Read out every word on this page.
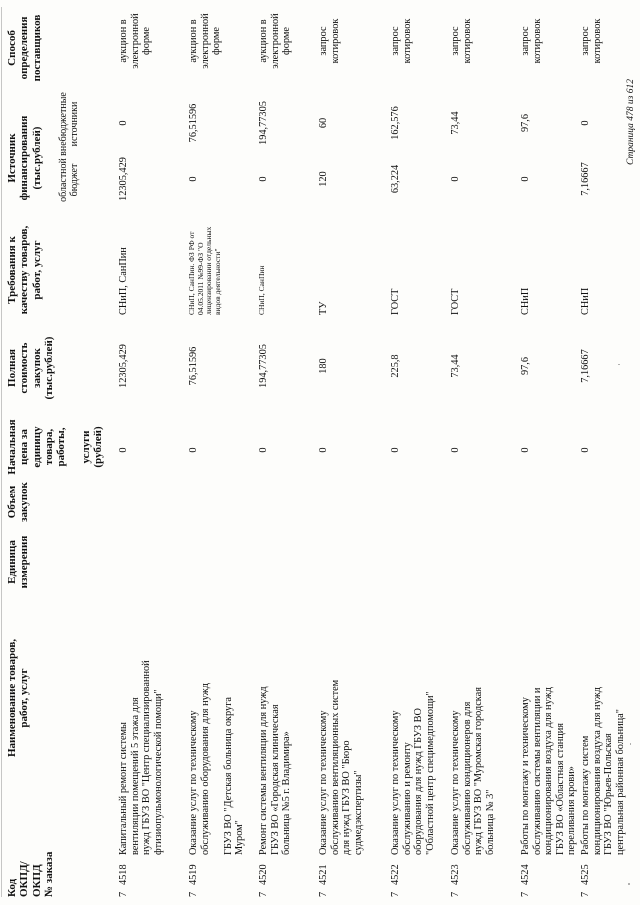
Код
ОКПД/
ОКПД
№ заказа
Наименование товаров,
работ, услуг
Единица
измерения
Объем
закупок
Начальная
цена за
единицу
товара,
работы,

услуги
(рублей)
Полная
стоимость
закупок
(тыс.рублей)
Требования к
качеству товаров,
работ, услуг
Источник
финансирования
(тыс.рублей) областной
бюджет
внебюджетные
источники
Способ
определения
поставщиков
7
4518
Капитальный ремонт системы
вентиляции помещений 5 этажа для
нужд ГБУЗ ВО "Центр специализированной
фтизиопульмонологической помощи"
0
12305,429
СНиП, СанПин
12305,429
0
аукцион в
электронной
форме
7
4519
Оказание услуг по техническому
обслуживанию оборудования для нужд

ГБУЗ ВО "Детская больница округа
Муром"
0
76,51596
СНиП, СанПин. ФЗ РФ от
04.05.2011 №99-ФЗ "О
лицензировании отдельных
видов деятельности"
0
76,51596
аукцион в
электронной
форме
7
4520
Ремонт системы вентиляции для нужд
ГБУЗ ВО «Городская клиническая
больница №5 г. Владимира»
0
194,77305
СНиП, СанПин
0
194,77305
аукцион в
электронной
форме
7
4521
Оказание услуг по техническому
обслуживанию вентиляционных систем
для нужд ГБУЗ ВО "Бюро
судмедэкспертизы"
0
180
ТУ
120
60
запрос
котировок
7
4522
Оказание услуг по техническому
обслуживанию и ремонту
оборудования для нужд ГБУЗ ВО
"Областной центр специмедпомощи"
0
225,8
ГОСТ
63,224
162,576
запрос
котировок
7
4523
Оказание услуг по техническому
обслуживанию кондиционеров для
нужд ГБУЗ ВО "Муромская городская
больница № 3"
0
73,44
ГОСТ
0
73,44
запрос
котировок
7
4524
Работы по монтажу и техническому
обслуживанию системы вентиляции и
кондиционирования воздуха для нужд
ГБУЗ ВО «Областная станция
переливания крови»
0
97,6
СНиП
0
97,6
запрос
котировок
7
4525
Работы по монтажу систем
кондиционирования воздуха для нужд
ГБУЗ ВО "Юрьев-Польская
центральная районная больница"
0
7,16667
СНиП
7,16667
0
запрос
котировок
Страница 478 из 612
